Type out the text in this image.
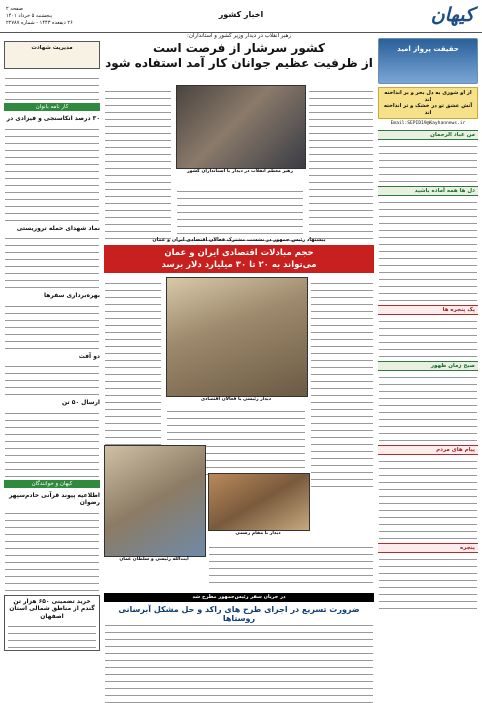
کیهان
اخبار کشور
صفحه ۲
پنجشنبه ۵ خرداد ۱۴۰۱
۲۶ ذیقعده ۱۴۴۳ - شماره ۲۲۷۸۷
حقیقت پرواز امید
از او شوری به دل بحر و بر انداخته اند
آتش عشق تو در خشک و تر انداخته اند
Email:SEPID19@Kayhannews.ir
من عباد الرحمان
دل ها همه آماده باشید
پک پنجره ها
صبح زمان ظهور
پیام های مردم
پنجره
رهبر انقلاب در دیدار وزیر کشور و استانداران:
کشور سرشار از فرصت است
از ظرفیت عظیم جوانان کار آمد استفاده شود
رهبر معظم انقلاب در دیدار با استانداران کشور
پیشنهاد رئیس جمهور در نشست مشترک فعالان اقتصادی ایران و عمان
حجم مبادلات اقتصادی ایران و عمان
می‌تواند به ۲۰ تا ۳۰ میلیارد دلار برسد
دیدار رئیسی با فعالان اقتصادی
آیت‌الله رئیسی و سلطان عمان
دیدار با مقام رسمی
در جریان سفر رئیس‌جمهور مطرح شد
ضرورت تسریع در اجرای طرح های راکد و حل مشکل آبرسانی روستاها
مدیریت شهادت
کار نامه بانوان
۳۰ درصد اتکاسنجی و فیزادی در
نماد شهدای حمله تروریستی
بهره‌برداری سفرها
دو آفت
ارسال ۵۰ تن
کیهان و خوانندگان
اطلاعیه پیوند قرآنی خادم‌سپهر رضوان
خرید تضمینی ۶۵۰ هزار تن گندم از مناطق شمالی استان اصفهان
